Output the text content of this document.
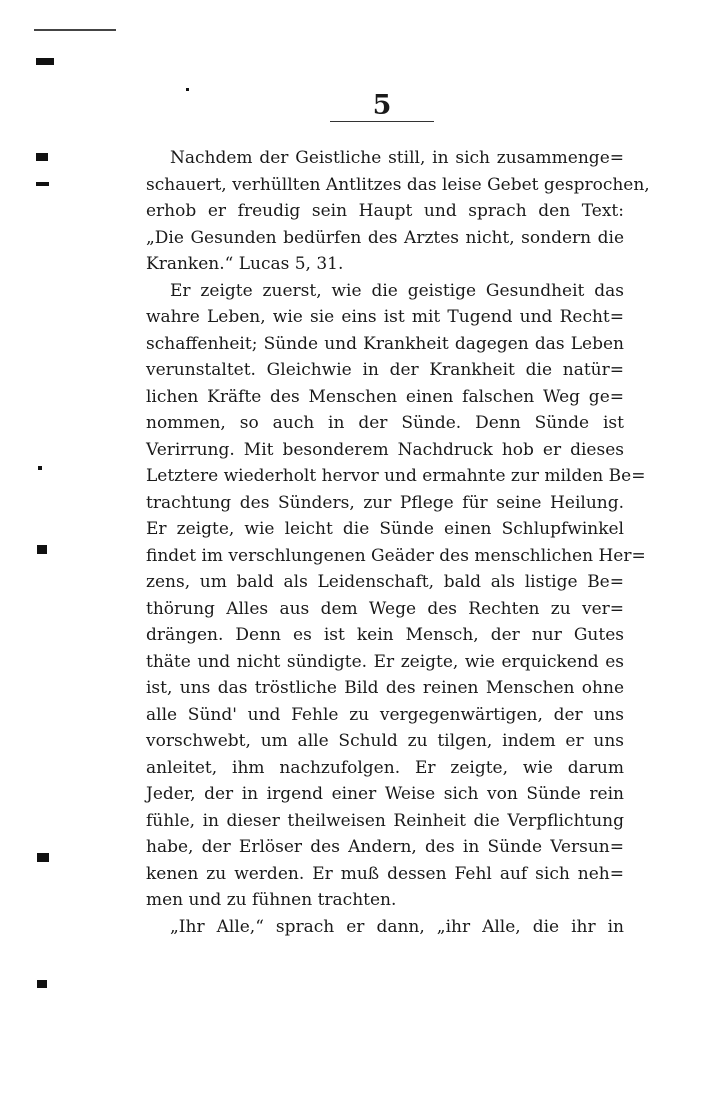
5
Nachdem der Geistliche still, in sich zusammenge=
schauert, verhüllten Antlitzes das leise Gebet gesprochen,
erhob er freudig sein Haupt und sprach den Text:
„Die Gesunden bedürfen des Arztes nicht, sondern die
Kranken.“ Lucas 5, 31.
Er zeigte zuerst, wie die geistige Gesundheit das
wahre Leben, wie sie eins ist mit Tugend und Recht=
schaffenheit; Sünde und Krankheit dagegen das Leben
verunstaltet. Gleichwie in der Krankheit die natür=
lichen Kräfte des Menschen einen falschen Weg ge=
nommen, so auch in der Sünde. Denn Sünde ist
Verirrung. Mit besonderem Nachdruck hob er dieses
Letztere wiederholt hervor und ermahnte zur milden Be=
trachtung des Sünders, zur Pflege für seine Heilung.
Er zeigte, wie leicht die Sünde einen Schlupfwinkel
findet im verschlungenen Geäder des menschlichen Her=
zens, um bald als Leidenschaft, bald als listige Be=
thörung Alles aus dem Wege des Rechten zu ver=
drängen. Denn es ist kein Mensch, der nur Gutes
thäte und nicht sündigte. Er zeigte, wie erquickend es
ist, uns das tröstliche Bild des reinen Menschen ohne
alle Sünd' und Fehle zu vergegenwärtigen, der uns
vorschwebt, um alle Schuld zu tilgen, indem er uns
anleitet, ihm nachzufolgen. Er zeigte, wie darum
Jeder, der in irgend einer Weise sich von Sünde rein
fühle, in dieser theilweisen Reinheit die Verpflichtung
habe, der Erlöser des Andern, des in Sünde Versun=
kenen zu werden. Er muß dessen Fehl auf sich neh=
men und zu fühnen trachten.
„Ihr Alle,“ sprach er dann, „ihr Alle, die ihr in
